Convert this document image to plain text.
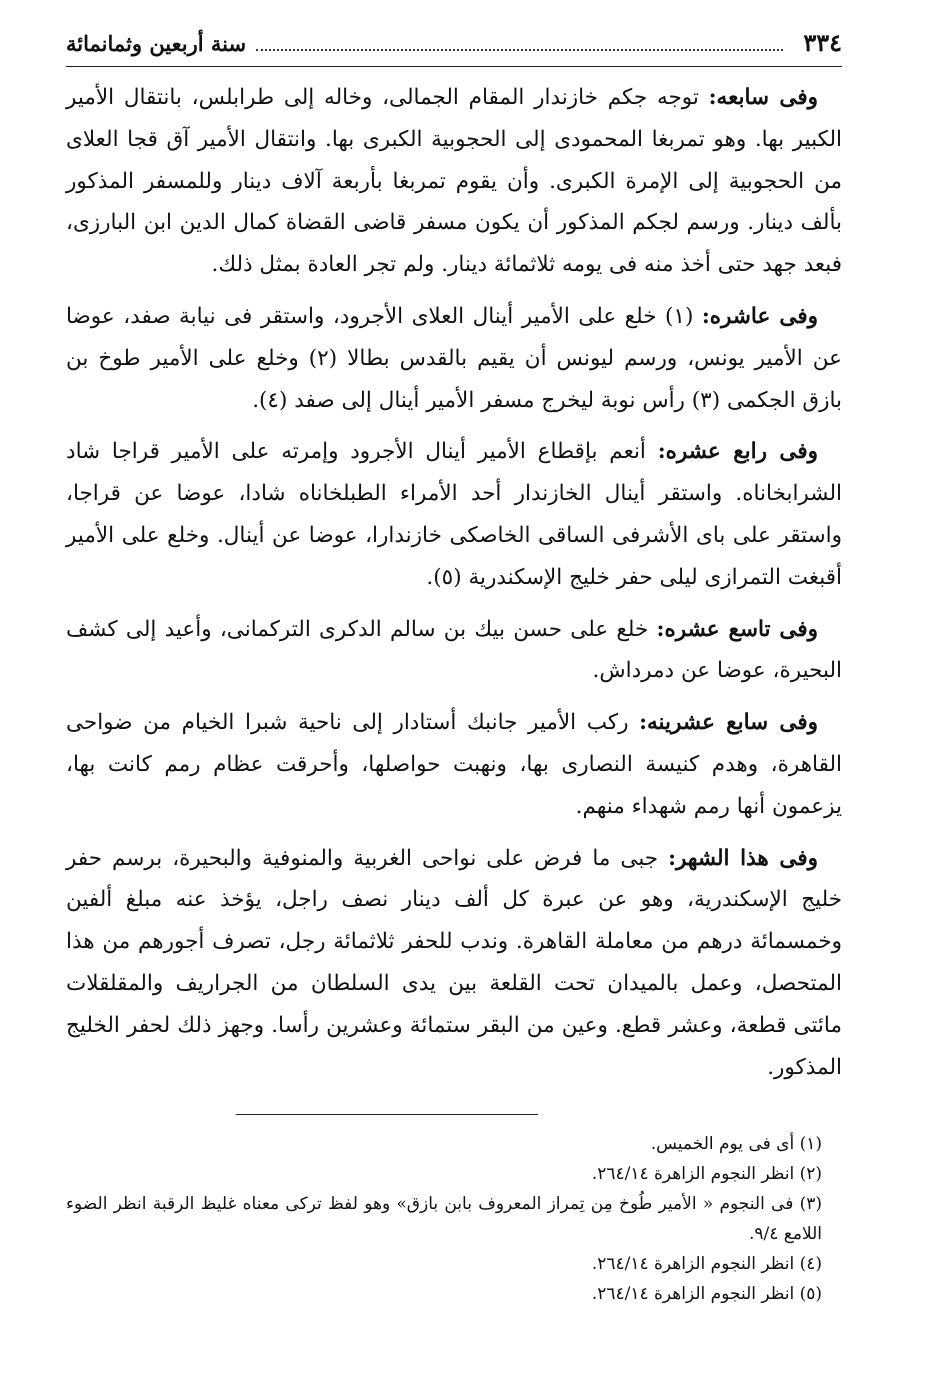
٣٣٤
سنة أربعين وثمانمائة

وفى سابعه: توجه جكم خازندار المقام الجمالى، وخاله إلى طرابلس، بانتقال الأمير الكبير بها. وهو تمربغا المحمودى إلى الحجوبية الكبرى بها. وانتقال الأمير آق قجا العلاى من الحجوبية إلى الإمرة الكبرى. وأن يقوم تمربغا بأربعة آلاف دينار وللمسفر المذكور بألف دينار. ورسم لجكم المذكور أن يكون مسفر قاضى القضاة كمال الدين ابن البارزى، فبعد جهد حتى أخذ منه فى يومه ثلاثمائة دينار. ولم تجر العادة بمثل ذلك.

وفى عاشره: (١) خلع على الأمير أينال العلاى الأجرود، واستقر فى نيابة صفد، عوضا عن الأمير يونس، ورسم ليونس أن يقيم بالقدس بطالا (٢) وخلع على الأمير طوخ بن بازق الجكمى (٣) رأس نوبة ليخرج مسفر الأمير أينال إلى صفد (٤).

وفى رابع عشره: أنعم بإقطاع الأمير أينال الأجرود وإمرته على الأمير قراجا شاد الشرابخاناه. واستقر أينال الخازندار أحد الأمراء الطبلخاناه شادا، عوضا عن قراجا، واستقر على باى الأشرفى الساقى الخاصكى خازندارا، عوضا عن أينال. وخلع على الأمير أقبغت التمرازى ليلى حفر خليج الإسكندرية (٥).

وفى تاسع عشره: خلع على حسن بيك بن سالم الدكرى التركمانى، وأعيد إلى كشف البحيرة، عوضا عن دمرداش.

وفى سابع عشرينه: ركب الأمير جانبك أستادار إلى ناحية شبرا الخيام من ضواحى القاهرة، وهدم كنيسة النصارى بها، ونهبت حواصلها، وأحرقت عظام رمم كانت بها، يزعمون أنها رمم شهداء منهم.

وفى هذا الشهر: جبى ما فرض على نواحى الغربية والمنوفية والبحيرة، برسم حفر خليج الإسكندرية، وهو عن عبرة كل ألف دينار نصف راجل، يؤخذ عنه مبلغ ألفين وخمسمائة درهم من معاملة القاهرة. وندب للحفر ثلاثمائة رجل، تصرف أجورهم من هذا المتحصل، وعمل بالميدان تحت القلعة بين يدى السلطان من الجراريف والمقلقلات مائتى قطعة، وعشر قطع. وعين من البقر ستمائة وعشرين رأسا. وجهز ذلك لحفر الخليج المذكور.

(١) أى فى يوم الخميس.

(٢) انظر النجوم الزاهرة ٢٦٤/١٤.

(٣) فى النجوم « الأمير طُوخ مِن تِمراز المعروف بابن بازق» وهو لفظ تركى معناه غليظ الرقبة انظر الضوء اللامع ٩/٤.

(٤) انظر النجوم الزاهرة ٢٦٤/١٤.

(٥) انظر النجوم الزاهرة ٢٦٤/١٤.
